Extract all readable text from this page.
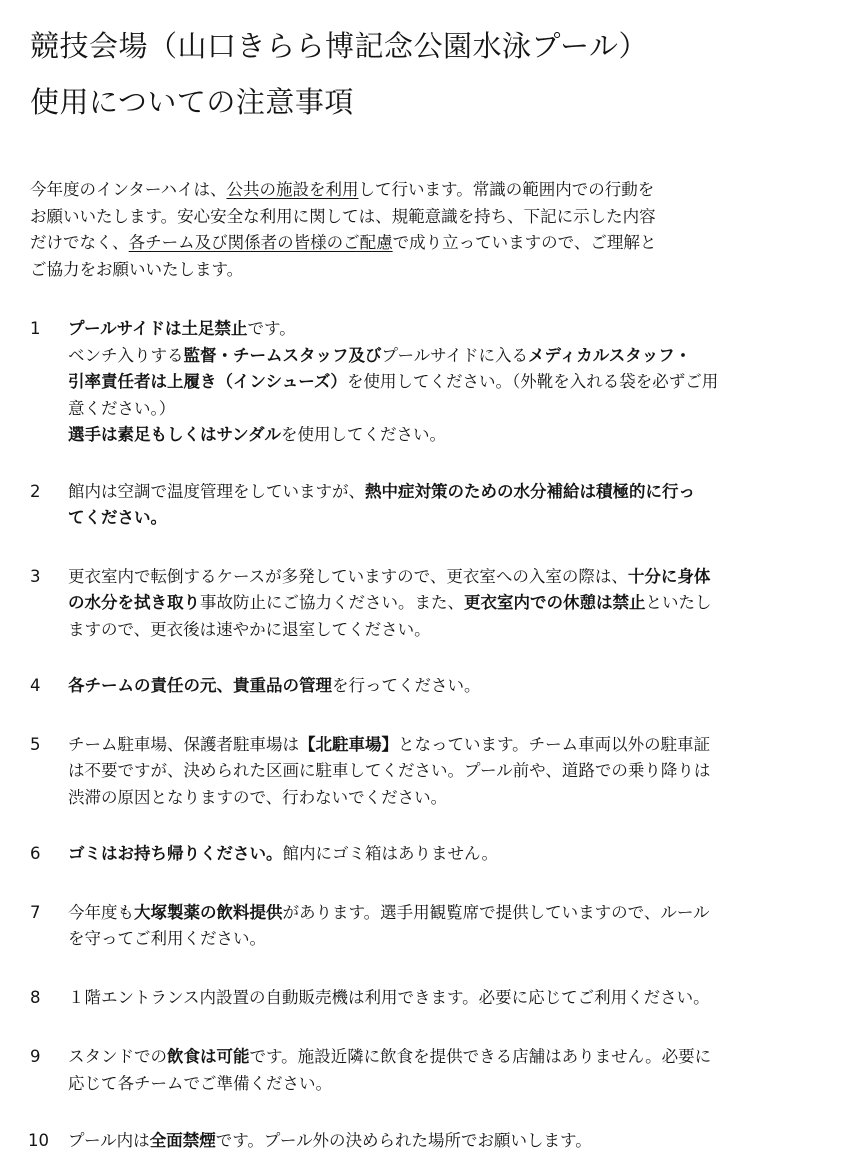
競技会場（山口きらら博記念公園水泳プール）
使用についての注意事項

今年度のインターハイは、公共の施設を利用して行います。常識の範囲内での行動を
お願いいたします。安心安全な利用に関しては、規範意識を持ち、下記に示した内容
だけでなく、各チーム及び関係者の皆様のご配慮で成り立っていますので、ご理解と
ご協力をお願いいたします。

1	プールサイドは土足禁止です。
ベンチ入りする監督・チームスタッフ及びプールサイドに入るメディカルスタッフ・
引率責任者は上履き（インシューズ）を使用してください。（外靴を入れる袋を必ずご用
意ください。）
選手は素足もしくはサンダルを使用してください。
2	館内は空調で温度管理をしていますが、熱中症対策のための水分補給は積極的に行っ
てください。
3	更衣室内で転倒するケースが多発していますので、更衣室への入室の際は、十分に身体
の水分を拭き取り事故防止にご協力ください。また、更衣室内での休憩は禁止といたし
ますので、更衣後は速やかに退室してください。
4	各チームの責任の元、貴重品の管理を行ってください。
5	チーム駐車場、保護者駐車場は【北駐車場】となっています。チーム車両以外の駐車証
は不要ですが、決められた区画に駐車してください。プール前や、道路での乗り降りは
渋滞の原因となりますので、行わないでください。
6	ゴミはお持ち帰りください。館内にゴミ箱はありません。
7	今年度も大塚製薬の飲料提供があります。選手用観覧席で提供していますので、ルール
を守ってご利用ください。
8	１階エントランス内設置の自動販売機は利用できます。必要に応じてご利用ください。
9	スタンドでの飲食は可能です。施設近隣に飲食を提供できる店舗はありません。必要に
応じて各チームでご準備ください。
10	プール内は全面禁煙です。プール外の決められた場所でお願いします。
